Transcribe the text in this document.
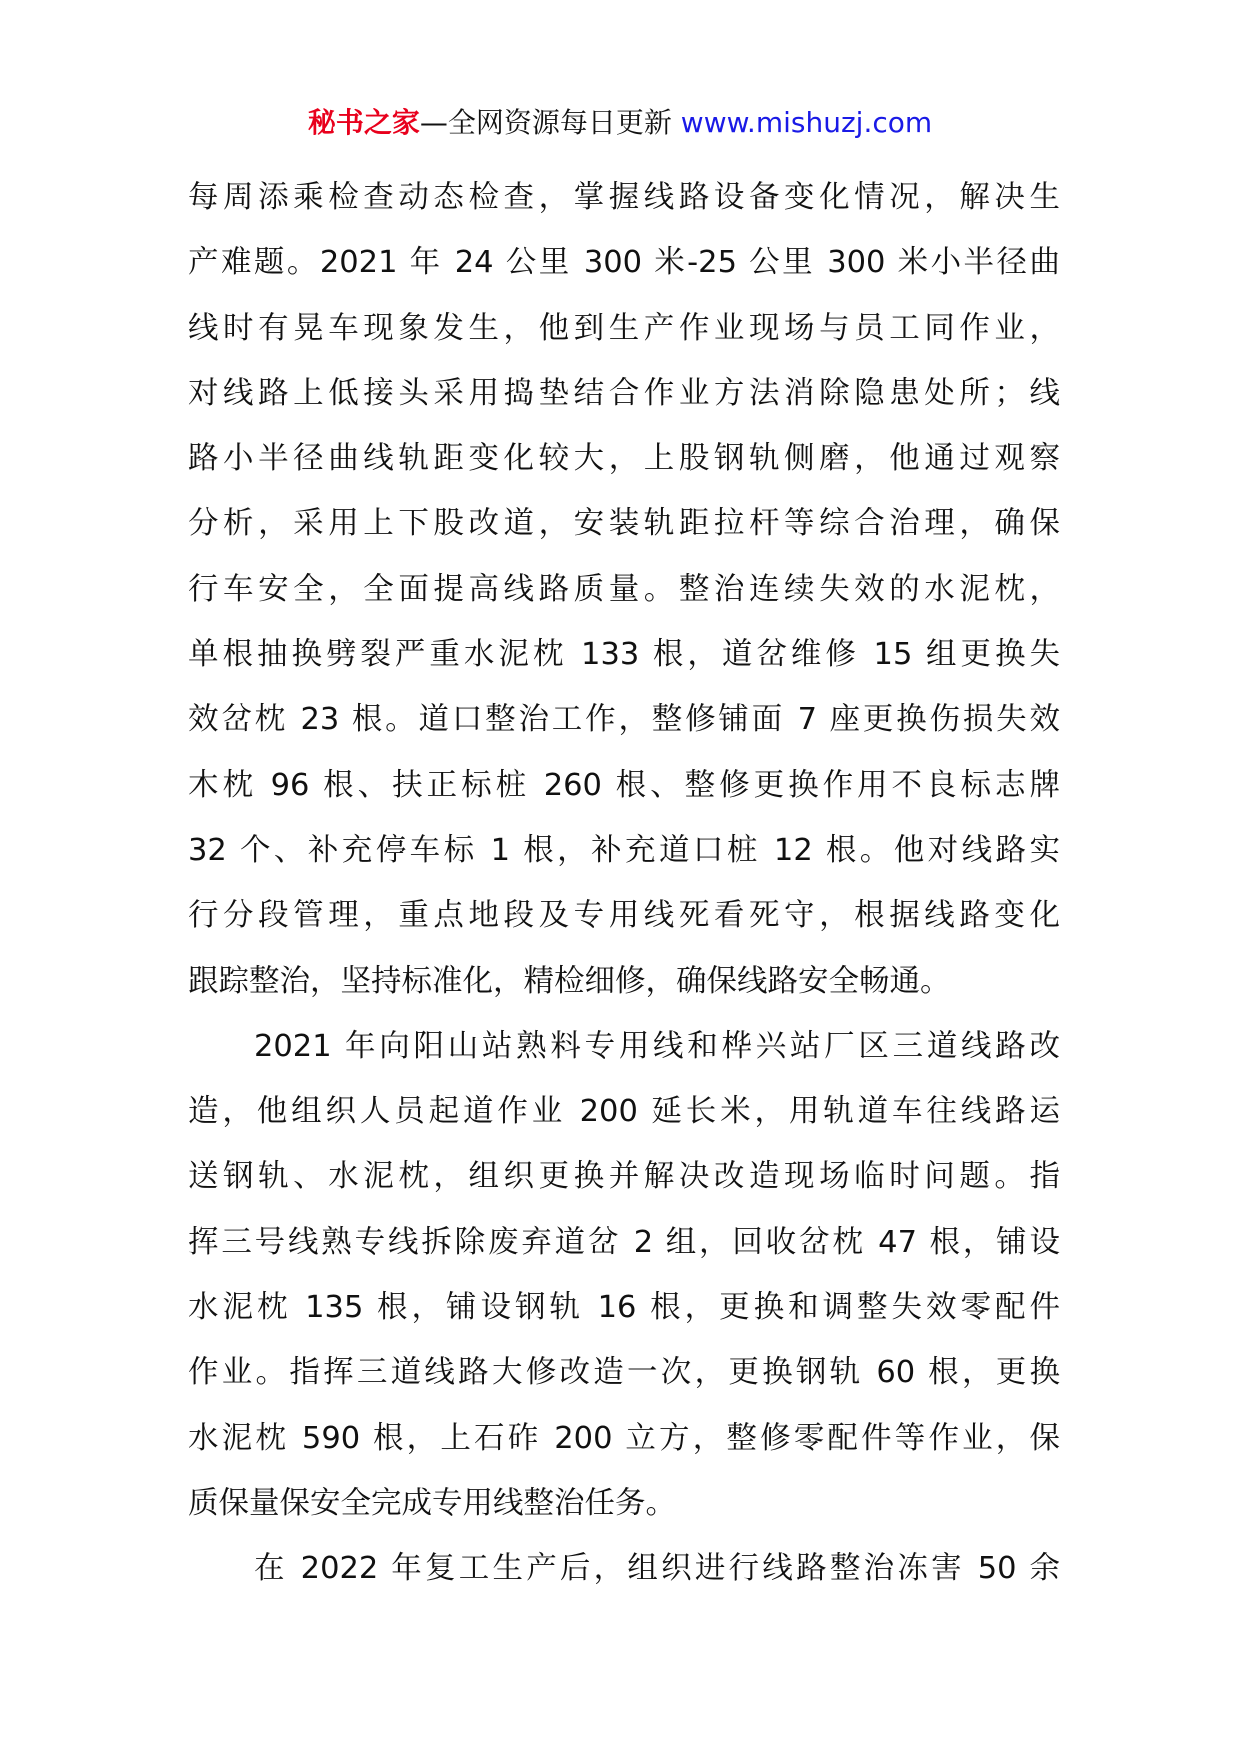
秘书之家—全网资源每日更新 www.mishuzj.com
每周添乘检查动态检查，掌握线路设备变化情况，解决生
产难题。2021 年 24 公里 300 米-25 公里 300 米小半径曲
线时有晃车现象发生，他到生产作业现场与员工同作业，
对线路上低接头采用捣垫结合作业方法消除隐患处所；线
路小半径曲线轨距变化较大，上股钢轨侧磨，他通过观察
分析，采用上下股改道，安装轨距拉杆等综合治理，确保
行车安全，全面提高线路质量。整治连续失效的水泥枕，
单根抽换劈裂严重水泥枕 133 根，道岔维修 15 组更换失
效岔枕 23 根。道口整治工作，整修铺面 7 座更换伤损失效
木枕 96 根、扶正标桩 260 根、整修更换作用不良标志牌
32 个、补充停车标 1 根，补充道口桩 12 根。他对线路实
行分段管理，重点地段及专用线死看死守，根据线路变化
跟踪整治，坚持标准化，精检细修，确保线路安全畅通。
2021 年向阳山站熟料专用线和桦兴站厂区三道线路改
造，他组织人员起道作业 200 延长米，用轨道车往线路运
送钢轨、水泥枕，组织更换并解决改造现场临时问题。指
挥三号线熟专线拆除废弃道岔 2 组，回收岔枕 47 根，铺设
水泥枕 135 根，铺设钢轨 16 根，更换和调整失效零配件
作业。指挥三道线路大修改造一次，更换钢轨 60 根，更换
水泥枕 590 根，上石砟 200 立方，整修零配件等作业，保
质保量保安全完成专用线整治任务。
在 2022 年复工生产后，组织进行线路整治冻害 50 余
